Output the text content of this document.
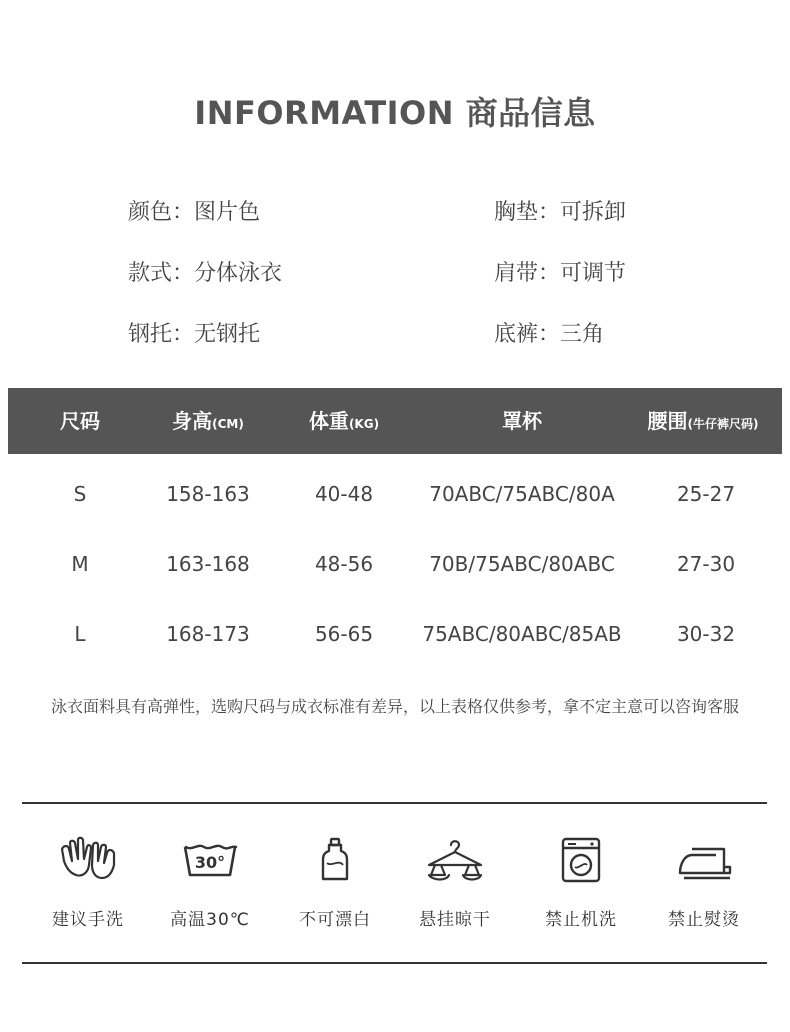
INFORMATION 商品信息
颜色：图片色
款式：分体泳衣
钢托：无钢托
胸垫：可拆卸
肩带：可调节
底裤：三角
尺码	身高(CM)	体重(KG)	罩杯	腰围(牛仔裤尺码)
S	158-163	40-48	70ABC/75ABC/80A	25-27
M	163-168	48-56	70B/75ABC/80ABC	27-30
L	168-173	56-65	75ABC/80ABC/85AB	30-32
泳衣面料具有高弹性，选购尺码与成衣标准有差异，以上表格仅供参考，拿不定主意可以咨询客服
建议手洗
30°
高温30℃	不可漂白	悬挂晾干	禁止机洗	禁止熨烫
